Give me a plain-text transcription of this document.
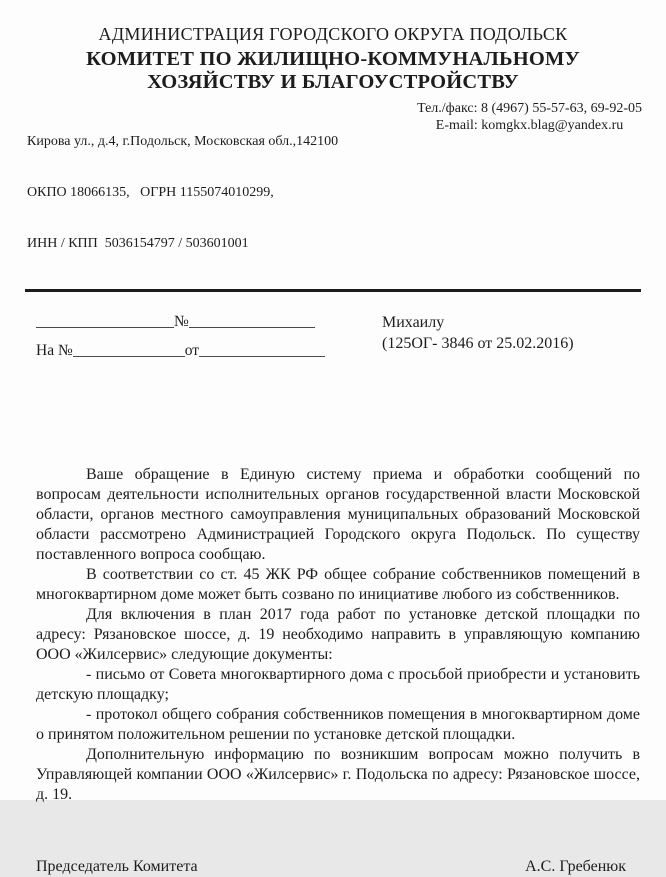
АДМИНИСТРАЦИЯ ГОРОДСКОГО ОКРУГА ПОДОЛЬСК
КОМИТЕТ ПО ЖИЛИЩНО-КОММУНАЛЬНОМУ
ХОЗЯЙСТВУ И БЛАГОУСТРОЙСТВУ

Кирова ул., д.4, г.Подольск, Московская обл.,142100

ОКПО 18066135,   ОГРН 1155074010299,

ИНН / КПП  5036154797 / 503601001

Тел./факс: 8 (4967) 55-57-63, 69-92-05
E-mail: komgkx.blag@yandex.ru
№
На №	от
Михаилу
(125ОГ- 3846 от 25.02.2016)

Ваше обращение в Единую систему приема и обработки сообщений по вопросам деятельности исполнительных органов государственной власти Московской области, органов местного самоуправления муниципальных образований Московской области рассмотрено Администрацией Городского округа Подольск. По существу поставленного вопроса сообщаю.

В соответствии со ст. 45 ЖК РФ общее собрание собственников помещений в многоквартирном доме может быть созвано по инициативе любого из собственников.

Для включения в план 2017 года работ по установке детской площадки по адресу: Рязановское шоссе, д. 19 необходимо направить в управляющую компанию ООО «Жилсервис» следующие документы:

- письмо от Совета многоквартирного дома с просьбой приобрести и установить детскую площадку;

- протокол общего собрания собственников помещения в многоквартирном доме о принятом положительном решении по установке детской площадки.

Дополнительную информацию по возникшим вопросам можно получить в Управляющей компании ООО «Жилсервис» г. Подольска по адресу: Рязановское шоссе, д. 19.

Председатель Комитета	А.С. Гребенюк
